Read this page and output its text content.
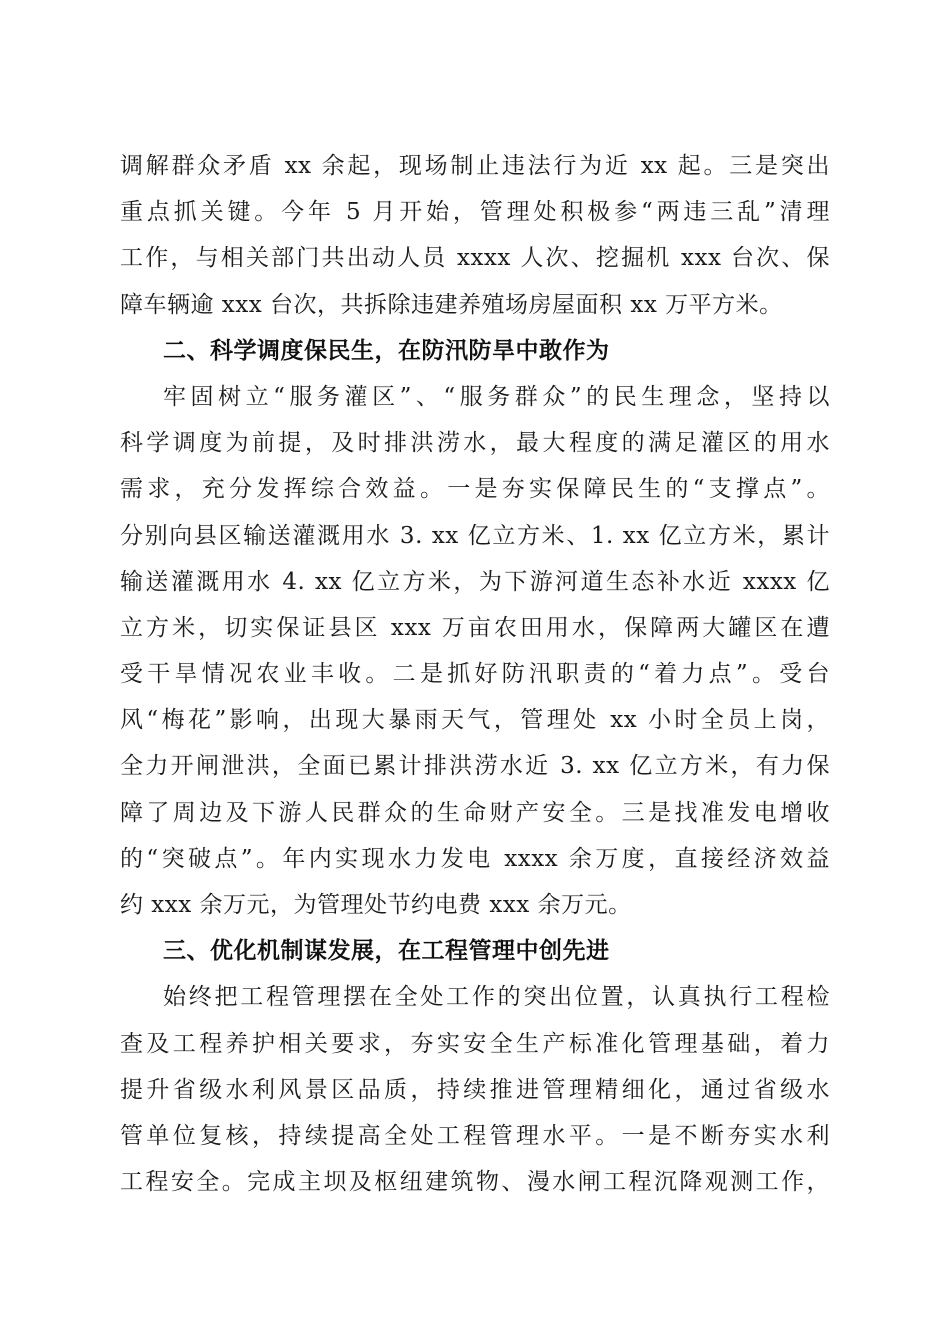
调解群众矛盾 xx 余起，现场制止违法行为近 xx 起。三是突出
重点抓关键。今年 5 月开始，管理处积极参“两违三乱”清理
工作，与相关部门共出动人员 xxxx 人次、挖掘机 xxx 台次、保
障车辆逾 xxx 台次，共拆除违建养殖场房屋面积 xx 万平方米。
二、科学调度保民生，在防汛防旱中敢作为
牢固树立“服务灌区”、“服务群众”的民生理念，坚持以
科学调度为前提，及时排洪涝水，最大程度的满足灌区的用水
需求，充分发挥综合效益。一是夯实保障民生的“支撑点”。
分别向县区输送灌溉用水 3. xx 亿立方米、1. xx 亿立方米，累计
输送灌溉用水 4. xx 亿立方米，为下游河道生态补水近 xxxx 亿
立方米，切实保证县区 xxx 万亩农田用水，保障两大罐区在遭
受干旱情况农业丰收。二是抓好防汛职责的“着力点”。受台
风“梅花”影响，出现大暴雨天气，管理处 xx 小时全员上岗，
全力开闸泄洪，全面已累计排洪涝水近 3. xx 亿立方米，有力保
障了周边及下游人民群众的生命财产安全。三是找准发电增收
的“突破点”。年内实现水力发电 xxxx 余万度，直接经济效益
约 xxx 余万元，为管理处节约电费 xxx 余万元。
三、优化机制谋发展，在工程管理中创先进
始终把工程管理摆在全处工作的突出位置，认真执行工程检
查及工程养护相关要求，夯实安全生产标准化管理基础，着力
提升省级水利风景区品质，持续推进管理精细化，通过省级水
管单位复核，持续提高全处工程管理水平。一是不断夯实水利
工程安全。完成主坝及枢纽建筑物、漫水闸工程沉降观测工作，
